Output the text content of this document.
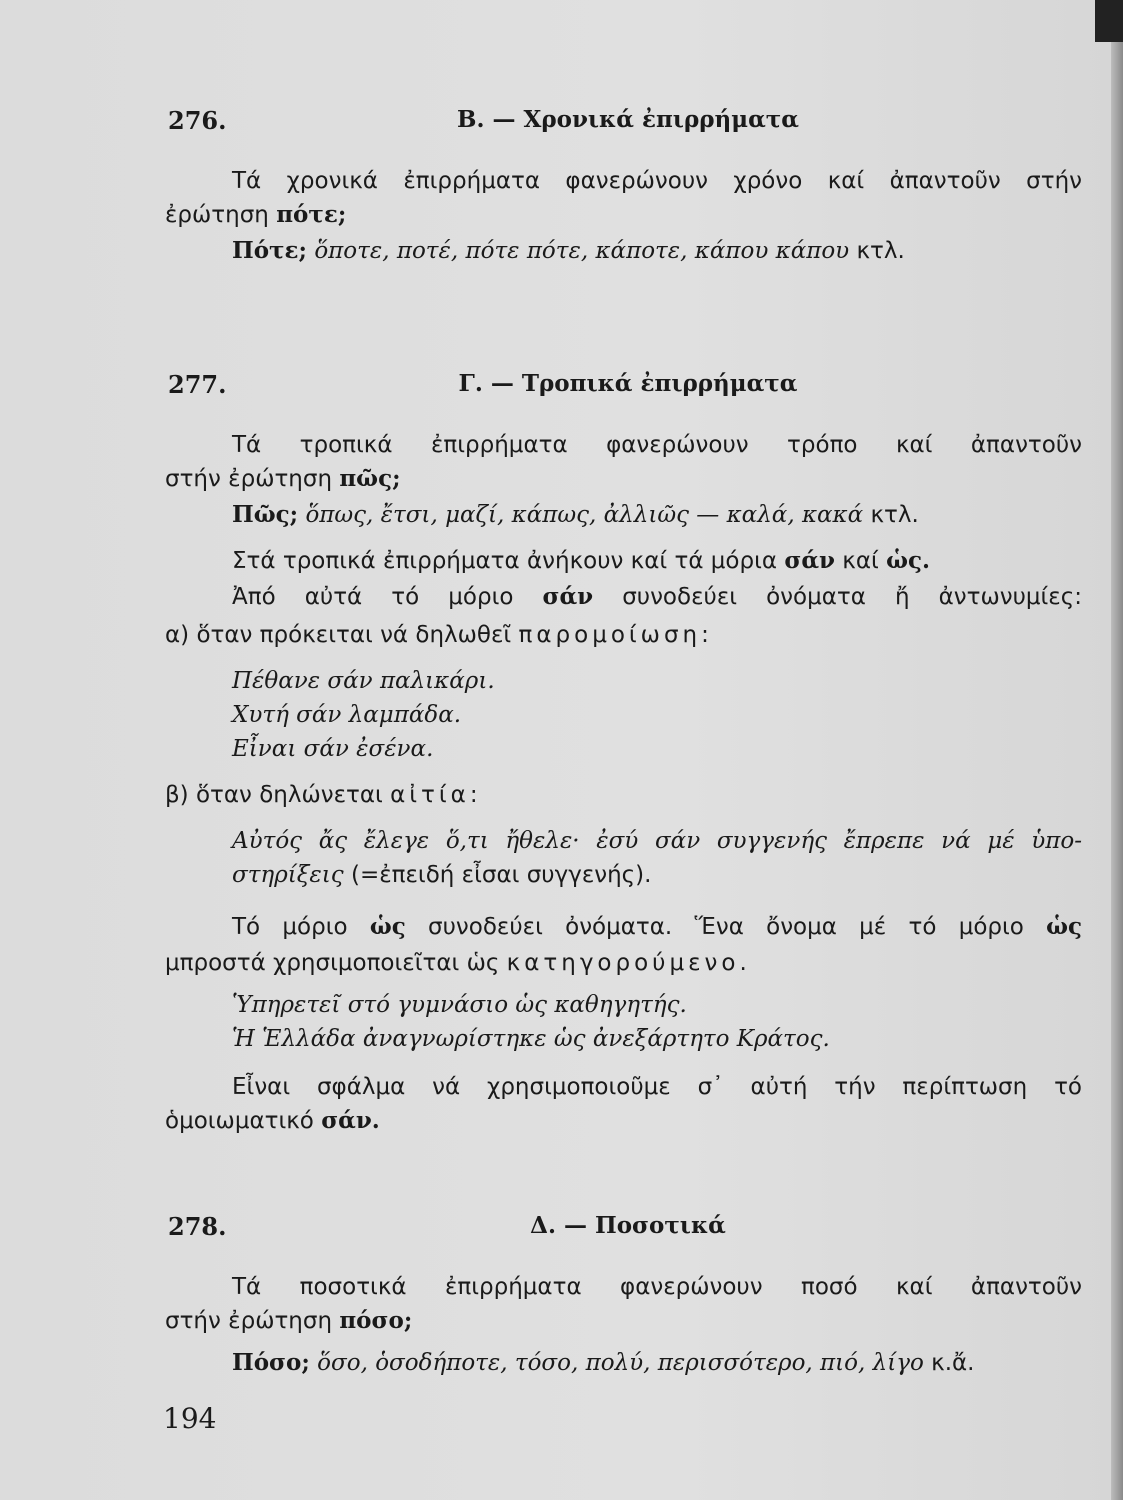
276.	B. — Χρονικά ἐπιρρήματα
Τά χρονικά ἐπιρρήματα φανερώνουν χρόνο καί ἀπαντοῦν στήν
ἐρώτηση πότε;
Πότε; ὅποτε, ποτέ, πότε πότε, κάποτε, κάπου κάπου κτλ.
277.	Γ. — Τροπικά ἐπιρρήματα
Τά τροπικά ἐπιρρήματα φανερώνουν τρόπο καί ἀπαντοῦν
στήν ἐρώτηση πῶς;
Πῶς; ὅπως, ἔτσι, μαζί, κάπως, ἀλλιῶς — καλά, κακά κτλ.
Στά τροπικά ἐπιρρήματα ἀνήκουν καί τά μόρια σάν καί ὡς.
Ἀπό αὐτά τό μόριο σάν συνοδεύει ὀνόματα ἤ ἀντωνυμίες:
α) ὅταν πρόκειται νά δηλωθεῖ παρομοίωση:
Πέθανε σάν παλικάρι.
Χυτή σάν λαμπάδα.
Εἶναι σάν ἐσένα.
β) ὅταν δηλώνεται αἰτία:
Αὐτός ἄς ἔλεγε ὅ,τι ἤθελε· ἐσύ σάν συγγενής ἔπρεπε νά μέ ὑπο-
στηρίξεις (=ἐπειδή εἶσαι συγγενής).
Τό μόριο ὡς συνοδεύει ὀνόματα. Ἕνα ὄνομα μέ τό μόριο ὡς
μπροστά χρησιμοποιεῖται ὡς κατηγορούμενο.
Ὑπηρετεῖ στό γυμνάσιο ὡς καθηγητής.
Ἡ Ἑλλάδα ἀναγνωρίστηκε ὡς ἀνεξάρτητο Κράτος.
Εἶναι σφάλμα νά χρησιμοποιοῦμε σ᾽ αὐτή τήν περίπτωση τό
ὁμοιωματικό σάν.
278.	Δ. — Ποσοτικά
Τά ποσοτικά ἐπιρρήματα φανερώνουν ποσό καί ἀπαντοῦν
στήν ἐρώτηση πόσο;
Πόσο; ὅσο, ὁσοδήποτε, τόσο, πολύ, περισσότερο, πιό, λίγο κ.ἄ.
194
